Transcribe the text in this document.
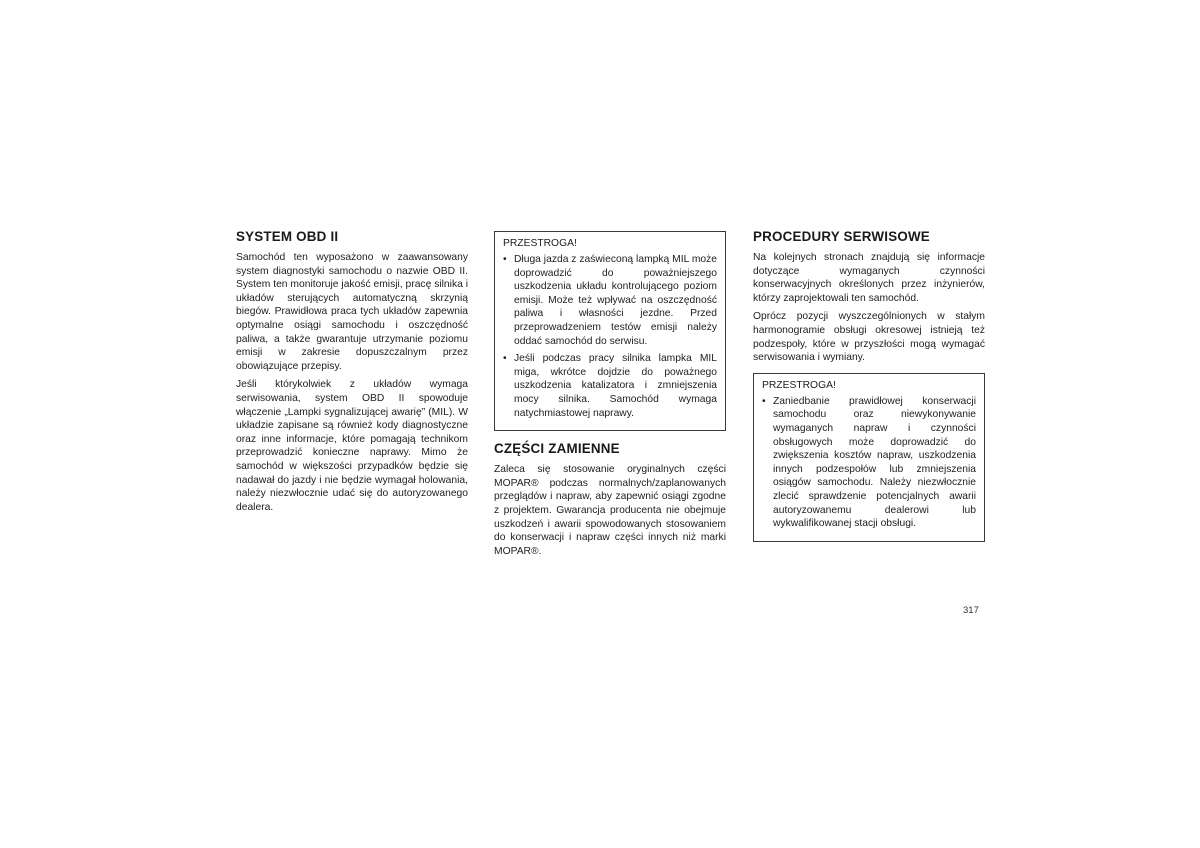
SYSTEM OBD II

Samochód ten wyposażono w zaawansowany system diagnostyki samochodu o nazwie OBD II. System ten monitoruje jakość emisji, pracę silnika i układów sterujących automatyczną skrzynią biegów. Prawidłowa praca tych układów zapewnia optymalne osiągi samochodu i oszczędność paliwa, a także gwarantuje utrzymanie poziomu emisji w zakresie dopuszczalnym przez obowiązujące przepisy.

Jeśli którykolwiek z układów wymaga serwisowania, system OBD II spowoduje włączenie „Lampki sygnalizującej awarię” (MIL). W układzie zapisane są również kody diagnostyczne oraz inne informacje, które pomagają technikom przeprowadzić konieczne naprawy. Mimo że samochód w większości przypadków będzie się nadawał do jazdy i nie będzie wymagał holowania, należy niezwłocznie udać się do autoryzowanego dealera.

PRZESTROGA!
• Długa jazda z zaświeconą lampką MIL może doprowadzić do poważniejszego uszkodzenia układu kontrolującego poziom emisji. Może też wpływać na oszczędność paliwa i własności jezdne. Przed przeprowadzeniem testów emisji należy oddać samochód do serwisu.
• Jeśli podczas pracy silnika lampka MIL miga, wkrótce dojdzie do poważnego uszkodzenia katalizatora i zmniejszenia mocy silnika. Samochód wymaga natychmiastowej naprawy.
CZĘŚCI ZAMIENNE

Zaleca się stosowanie oryginalnych części MOPAR® podczas normalnych/zaplanowanych przeglądów i napraw, aby zapewnić osiągi zgodne z projektem. Gwarancja producenta nie obejmuje uszkodzeń i awarii spowodowanych stosowaniem do konserwacji i napraw części innych niż marki MOPAR®.

PROCEDURY SERWISOWE

Na kolejnych stronach znajdują się informacje dotyczące wymaganych czynności konserwacyjnych określonych przez inżynierów, którzy zaprojektowali ten samochód.

Oprócz pozycji wyszczególnionych w stałym harmonogramie obsługi okresowej istnieją też podzespoły, które w przyszłości mogą wymagać serwisowania i wymiany.

PRZESTROGA!
• Zaniedbanie prawidłowej konserwacji samochodu oraz niewykonywanie wymaganych napraw i czynności obsługowych może doprowadzić do zwiększenia kosztów napraw, uszkodzenia innych podzespołów lub zmniejszenia osiągów samochodu. Należy niezwłocznie zlecić sprawdzenie potencjalnych awarii autoryzowanemu dealerowi lub wykwalifikowanej stacji obsługi.
317
